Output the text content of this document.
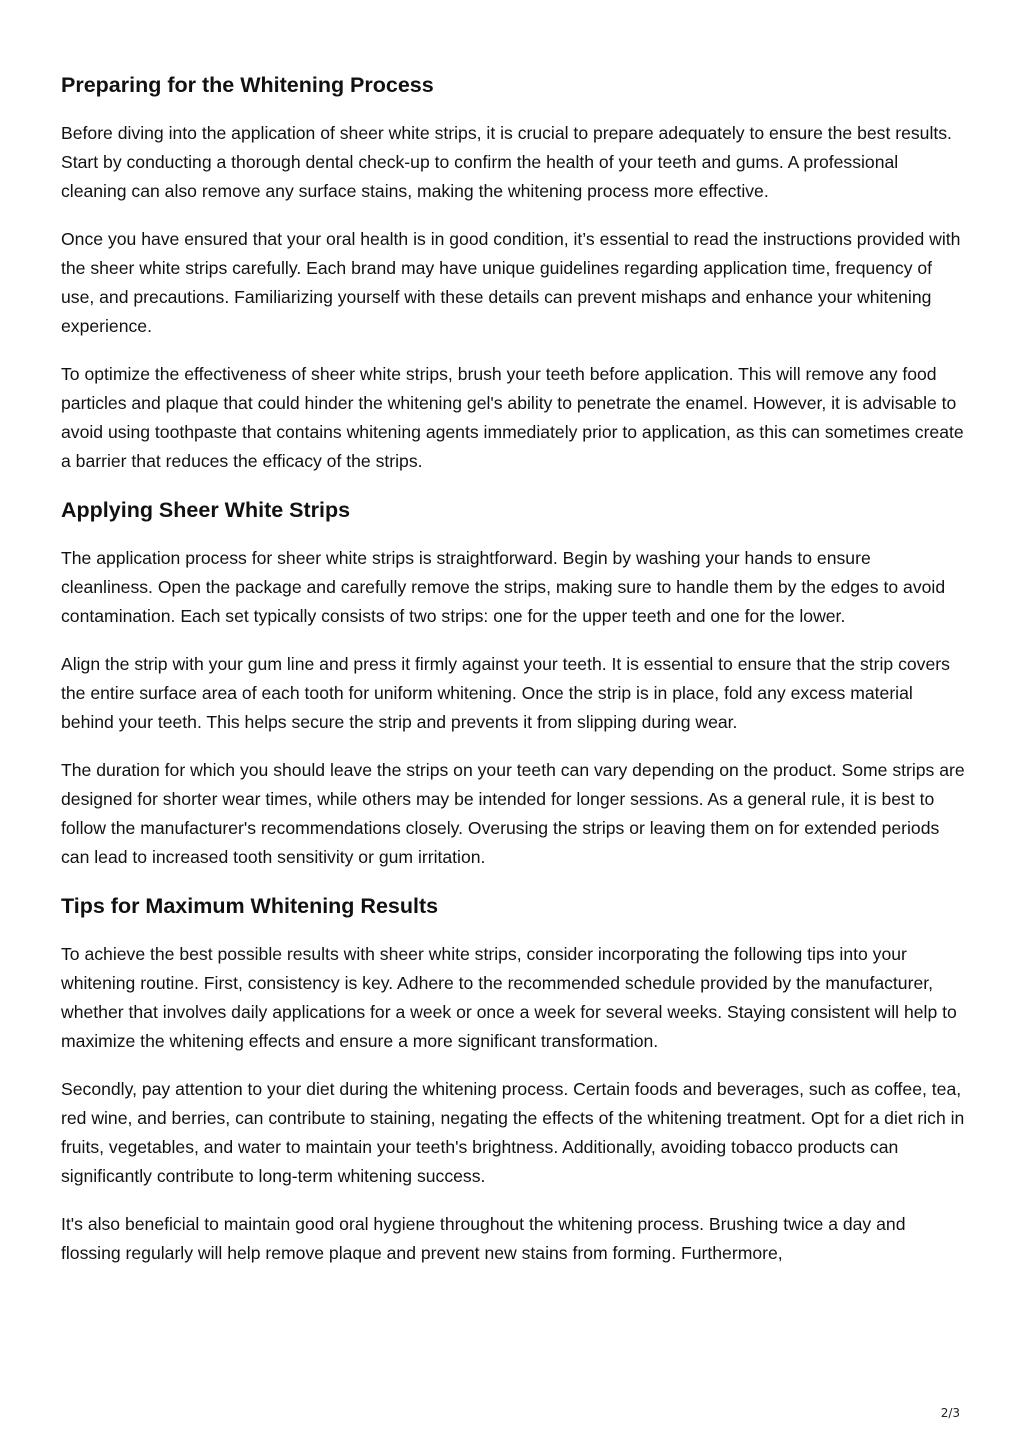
Preparing for the Whitening Process

Before diving into the application of sheer white strips, it is crucial to prepare adequately to ensure the best results. Start by conducting a thorough dental check-up to confirm the health of your teeth and gums. A professional cleaning can also remove any surface stains, making the whitening process more effective.

Once you have ensured that your oral health is in good condition, it’s essential to read the instructions provided with the sheer white strips carefully. Each brand may have unique guidelines regarding application time, frequency of use, and precautions. Familiarizing yourself with these details can prevent mishaps and enhance your whitening experience.

To optimize the effectiveness of sheer white strips, brush your teeth before application. This will remove any food particles and plaque that could hinder the whitening gel's ability to penetrate the enamel. However, it is advisable to avoid using toothpaste that contains whitening agents immediately prior to application, as this can sometimes create a barrier that reduces the efficacy of the strips.

Applying Sheer White Strips

The application process for sheer white strips is straightforward. Begin by washing your hands to ensure cleanliness. Open the package and carefully remove the strips, making sure to handle them by the edges to avoid contamination. Each set typically consists of two strips: one for the upper teeth and one for the lower.

Align the strip with your gum line and press it firmly against your teeth. It is essential to ensure that the strip covers the entire surface area of each tooth for uniform whitening. Once the strip is in place, fold any excess material behind your teeth. This helps secure the strip and prevents it from slipping during wear.

The duration for which you should leave the strips on your teeth can vary depending on the product. Some strips are designed for shorter wear times, while others may be intended for longer sessions. As a general rule, it is best to follow the manufacturer's recommendations closely. Overusing the strips or leaving them on for extended periods can lead to increased tooth sensitivity or gum irritation.

Tips for Maximum Whitening Results

To achieve the best possible results with sheer white strips, consider incorporating the following tips into your whitening routine. First, consistency is key. Adhere to the recommended schedule provided by the manufacturer, whether that involves daily applications for a week or once a week for several weeks. Staying consistent will help to maximize the whitening effects and ensure a more significant transformation.

Secondly, pay attention to your diet during the whitening process. Certain foods and beverages, such as coffee, tea, red wine, and berries, can contribute to staining, negating the effects of the whitening treatment. Opt for a diet rich in fruits, vegetables, and water to maintain your teeth's brightness. Additionally, avoiding tobacco products can significantly contribute to long-term whitening success.

It's also beneficial to maintain good oral hygiene throughout the whitening process. Brushing twice a day and flossing regularly will help remove plaque and prevent new stains from forming. Furthermore,

2/3
